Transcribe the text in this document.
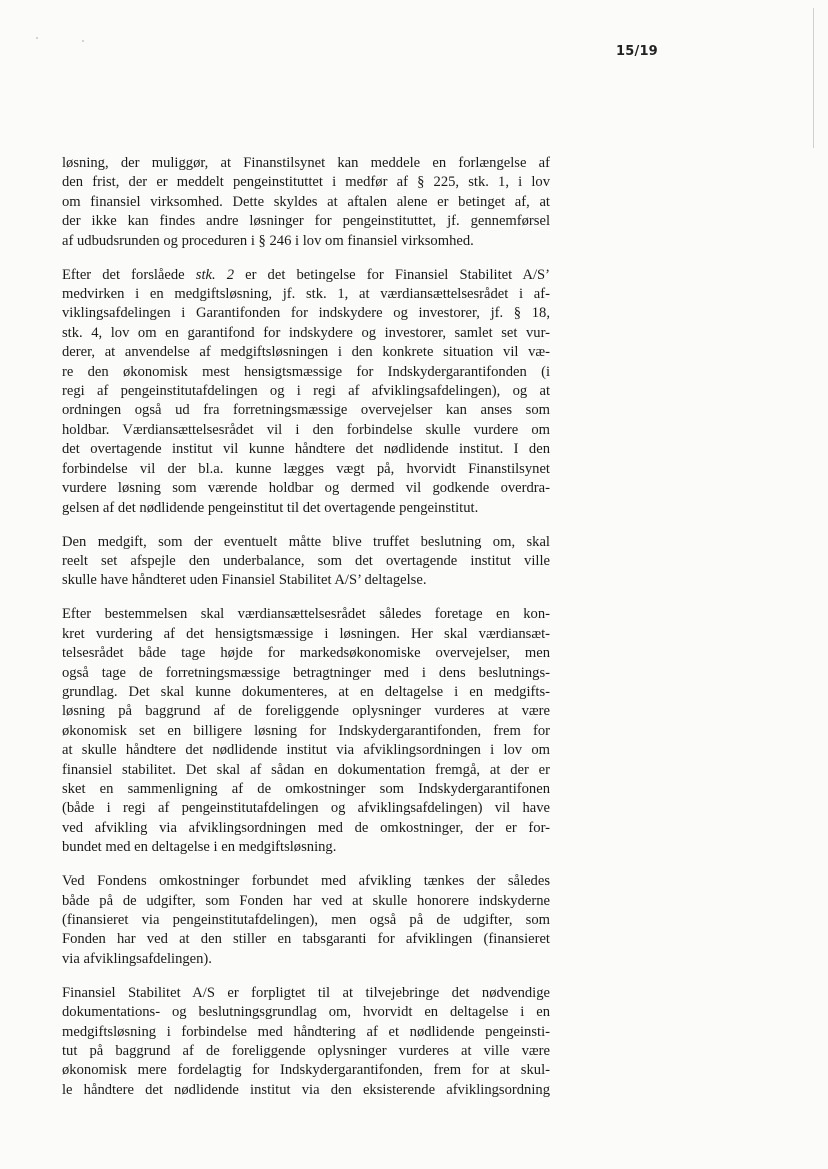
15/19

løsning, der muliggør, at Finanstilsynet kan meddele en forlængelse af
den frist, der er meddelt pengeinstituttet i medfør af § 225, stk. 1, i lov
om finansiel virksomhed. Dette skyldes at aftalen alene er betinget af, at
der ikke kan findes andre løsninger for pengeinstituttet, jf. gennemførsel
af udbudsrunden og proceduren i § 246 i lov om finansiel virksomhed.

Efter det forslåede stk. 2 er det betingelse for Finansiel Stabilitet A/S’
medvirken i en medgiftsløsning, jf. stk. 1, at værdiansættelsesrådet i af-
viklingsafdelingen i Garantifonden for indskydere og investorer, jf. § 18,
stk. 4, lov om en garantifond for indskydere og investorer, samlet set vur-
derer, at anvendelse af medgiftsløsningen i den konkrete situation vil væ-
re den økonomisk mest hensigtsmæssige for Indskydergarantifonden (i
regi af pengeinstitutafdelingen og i regi af afviklingsafdelingen), og at
ordningen også ud fra forretningsmæssige overvejelser kan anses som
holdbar. Værdiansættelsesrådet vil i den forbindelse skulle vurdere om
det overtagende institut vil kunne håndtere det nødlidende institut. I den
forbindelse vil der bl.a. kunne lægges vægt på, hvorvidt Finanstilsynet
vurdere løsning som værende holdbar og dermed vil godkende overdra-
gelsen af det nødlidende pengeinstitut til det overtagende pengeinstitut.

Den medgift, som der eventuelt måtte blive truffet beslutning om, skal
reelt set afspejle den underbalance, som det overtagende institut ville
skulle have håndteret uden Finansiel Stabilitet A/S’ deltagelse.

Efter bestemmelsen skal værdiansættelsesrådet således foretage en kon-
kret vurdering af det hensigtsmæssige i løsningen. Her skal værdiansæt-
telsesrådet både tage højde for markedsøkonomiske overvejelser, men
også tage de forretningsmæssige betragtninger med i dens beslutnings-
grundlag. Det skal kunne dokumenteres, at en deltagelse i en medgifts-
løsning på baggrund af de foreliggende oplysninger vurderes at være
økonomisk set en billigere løsning for Indskydergarantifonden, frem for
at skulle håndtere det nødlidende institut via afviklingsordningen i lov om
finansiel stabilitet. Det skal af sådan en dokumentation fremgå, at der er
sket en sammenligning af de omkostninger som Indskydergarantifonen
(både i regi af pengeinstitutafdelingen og afviklingsafdelingen) vil have
ved afvikling via afviklingsordningen med de omkostninger, der er for-
bundet med en deltagelse i en medgiftsløsning.

Ved Fondens omkostninger forbundet med afvikling tænkes der således
både på de udgifter, som Fonden har ved at skulle honorere indskyderne
(finansieret via pengeinstitutafdelingen), men også på de udgifter, som
Fonden har ved at den stiller en tabsgaranti for afviklingen (finansieret
via afviklingsafdelingen).

Finansiel Stabilitet A/S er forpligtet til at tilvejebringe det nødvendige
dokumentations- og beslutningsgrundlag om, hvorvidt en deltagelse i en
medgiftsløsning i forbindelse med håndtering af et nødlidende pengeinsti-
tut på baggrund af de foreliggende oplysninger vurderes at ville være
økonomisk mere fordelagtig for Indskydergarantifonden, frem for at skul-
le håndtere det nødlidende institut via den eksisterende afviklingsordning
